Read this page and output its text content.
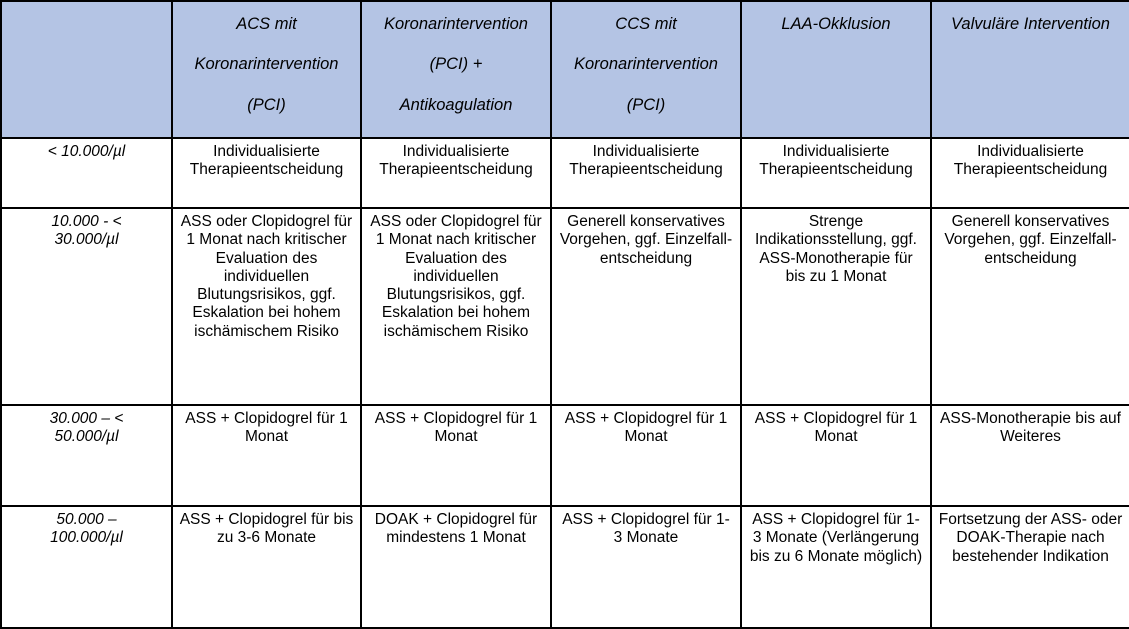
	ACS mit
Koronarintervention
(PCI)	Koronarintervention
(PCI) +
Antikoagulation	CCS mit
Koronarintervention
(PCI)	LAA-Okklusion	Valvuläre Intervention

< 10.000/µl	Individualisierte Therapieentscheidung	Individualisierte Therapieentscheidung	Individualisierte Therapieentscheidung	Individualisierte Therapieentscheidung	Individualisierte Therapieentscheidung

10.000 - <
30.000/µl	ASS oder Clopidogrel für 1 Monat nach kritischer Evaluation des individuellen Blutungsrisikos, ggf. Eskalation bei hohem ischämischem Risiko	ASS oder Clopidogrel für 1 Monat nach kritischer Evaluation des individuellen Blutungsrisikos, ggf. Eskalation bei hohem ischämischem Risiko	Generell konservatives Vorgehen, ggf. Einzelfall-entscheidung	Strenge Indikationsstellung, ggf. ASS-Monotherapie für bis zu 1 Monat	Generell konservatives Vorgehen, ggf. Einzelfall-entscheidung

30.000 – <
50.000/µl	ASS + Clopidogrel für 1 Monat	ASS + Clopidogrel für 1 Monat	ASS + Clopidogrel für 1 Monat	ASS + Clopidogrel für 1 Monat	ASS-Monotherapie bis auf Weiteres

50.000 –
100.000/µl	ASS + Clopidogrel für bis zu 3-6 Monate	DOAK + Clopidogrel für mindestens 1 Monat	ASS + Clopidogrel für 1-3 Monate	ASS + Clopidogrel für 1-3 Monate (Verlängerung bis zu 6 Monate möglich)	Fortsetzung der ASS- oder DOAK-Therapie nach bestehender Indikation
